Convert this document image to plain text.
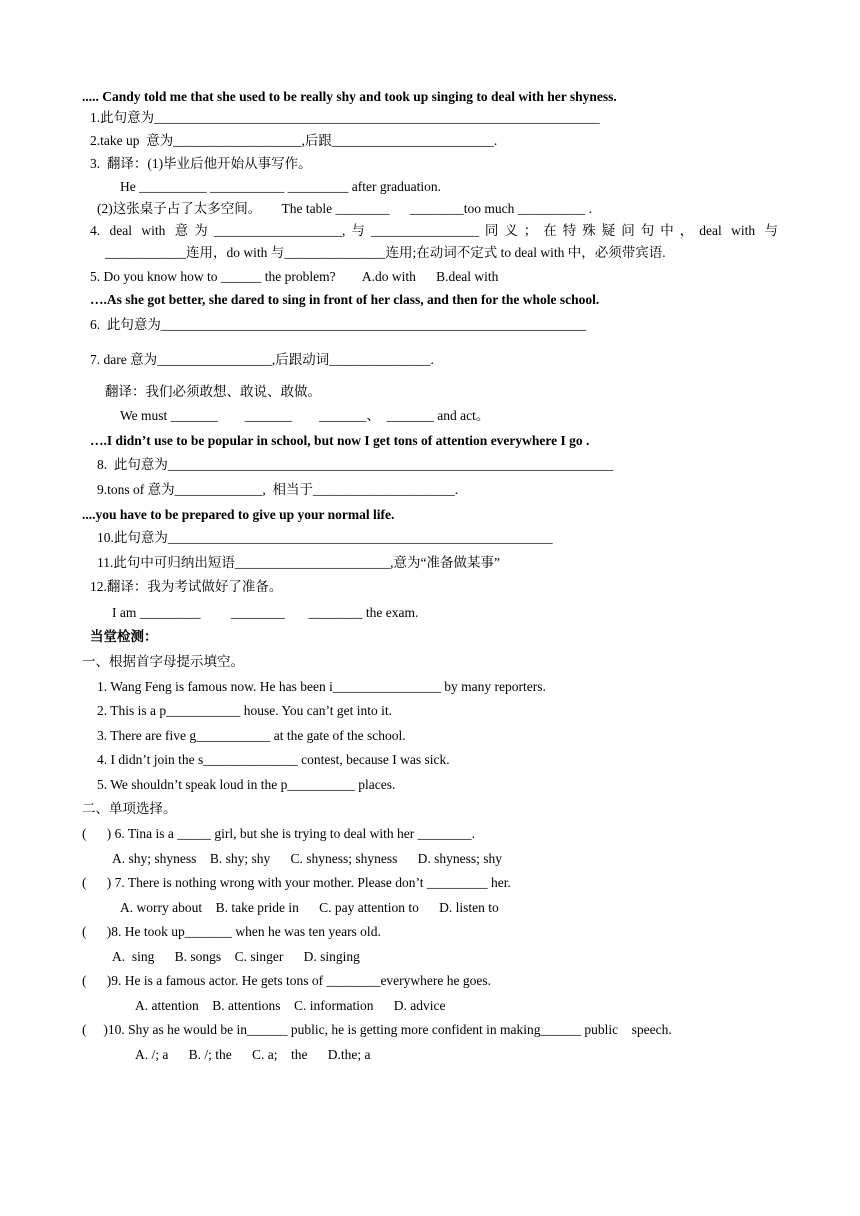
..... Candy told me that she used to be really shy and took up singing to deal with her shyness.
1.此句意为__________________________________________________________________
2.take up  意为___________________,后跟________________________.
3.  翻译：(1)毕业后他开始从事写作。
He __________ ___________ _________ after graduation.
(2)这张桌子占了太多空间。      The table ________      ________too much __________ .
4. deal with 意为___________________,与________________同义；在特殊疑问句中，deal with 与
____________连用，do with 与_______________连用;在动词不定式 to deal with 中，必须带宾语.
5. Do you know how to ______ the problem?        A.do with      B.deal with
….As she got better, she dared to sing in front of her class, and then for the whole school.
6.  此句意为_______________________________________________________________
7. dare 意为_________________,后跟动词_______________.
翻译：我们必须敢想、敢说、敢做。
We must _______        _______        _______、  _______ and act。
….I didn’t use to be popular in school, but now I get tons of attention everywhere I go .
8.  此句意为__________________________________________________________________
9.tons of 意为_____________,  相当于_____________________.
....you have to be prepared to give up your normal life.
10.此句意为_________________________________________________________
11.此句中可归纳出短语_______________________,意为“准备做某事”
12.翻译：我为考试做好了准备。
I am _________         ________       ________ the exam.
当堂检测：
一、根据首字母提示填空。
1. Wang Feng is famous now. He has been i________________ by many reporters.
2. This is a p___________ house. You can’t get into it.
3. There are five g___________ at the gate of the school.
4. I didn’t join the s______________ contest, because I was sick.
5. We shouldn’t speak loud in the p__________ places.
二、单项选择。
(      ) 6. Tina is a _____ girl, but she is trying to deal with her ________.
A. shy; shyness    B. shy; shy      C. shyness; shyness      D. shyness; shy
(      ) 7. There is nothing wrong with your mother. Please don’t _________ her.
A. worry about    B. take pride in      C. pay attention to      D. listen to
(      )8. He took up_______ when he was ten years old.
A.  sing      B. songs    C. singer      D. singing
(      )9. He is a famous actor. He gets tons of ________everywhere he goes.
A. attention    B. attentions    C. information      D. advice
(     )10. Shy as he would be in______ public, he is getting more confident in making______ public    speech.
A. /; a      B. /; the      C. a;    the      D.the; a
